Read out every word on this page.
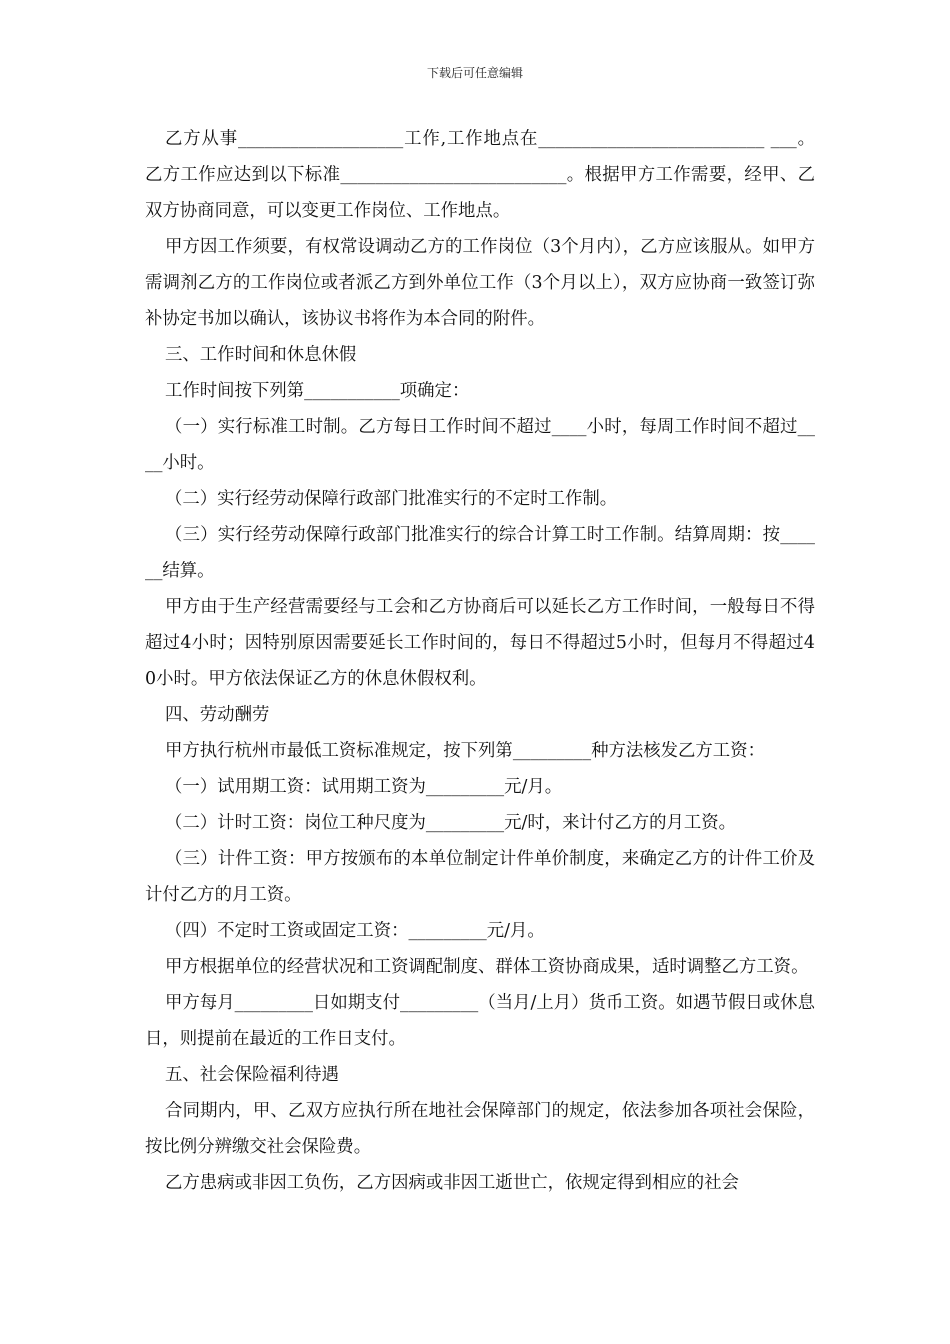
下载后可任意编辑

乙方从事___________________工作,工作地点在__________________________ ___。乙方工作应达到以下标准__________________________。根据甲方工作需要，经甲、乙双方协商同意，可以变更工作岗位、工作地点。

甲方因工作须要，有权常设调动乙方的工作岗位（3个月内），乙方应该服从。如甲方需调剂乙方的工作岗位或者派乙方到外单位工作（3个月以上），双方应协商一致签订弥补协定书加以确认，该协议书将作为本合同的附件。

三、工作时间和休息休假

工作时间按下列第___________项确定：

（一）实行标准工时制。乙方每日工作时间不超过____小时，每周工作时间不超过____小时。

（二）实行经劳动保障行政部门批准实行的不定时工作制。

（三）实行经劳动保障行政部门批准实行的综合计算工时工作制。结算周期：按______结算。

甲方由于生产经营需要经与工会和乙方协商后可以延长乙方工作时间，一般每日不得超过4小时；因特别原因需要延长工作时间的，每日不得超过5小时，但每月不得超过40小时。甲方依法保证乙方的休息休假权利。

四、劳动酬劳

甲方执行杭州市最低工资标准规定，按下列第_________种方法核发乙方工资：

（一）试用期工资：试用期工资为_________元/月。

（二）计时工资：岗位工种尺度为_________元/时，来计付乙方的月工资。

（三）计件工资：甲方按颁布的本单位制定计件单价制度，来确定乙方的计件工价及计付乙方的月工资。

（四）不定时工资或固定工资：_________元/月。

甲方根据单位的经营状况和工资调配制度、群体工资协商成果，适时调整乙方工资。

甲方每月_________日如期支付_________（当月/上月）货币工资。如遇节假日或休息日，则提前在最近的工作日支付。

五、社会保险福利待遇

合同期内，甲、乙双方应执行所在地社会保障部门的规定，依法参加各项社会保险，按比例分辨缴交社会保险费。

乙方患病或非因工负伤，乙方因病或非因工逝世亡，依规定得到相应的社会
